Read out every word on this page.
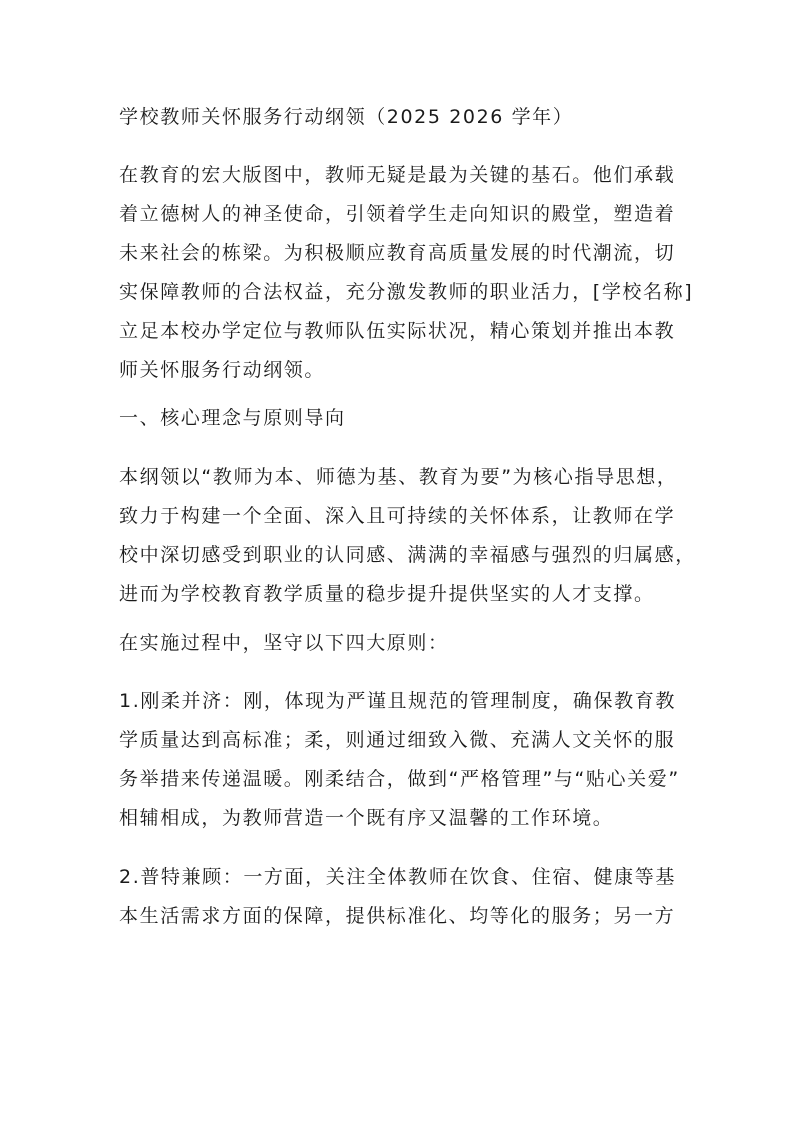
学校教师关怀服务行动纲领（2025 2026 学年）

在教育的宏大版图中，教师无疑是最为关键的基石。他们承载
着立德树人的神圣使命，引领着学生走向知识的殿堂，塑造着
未来社会的栋梁。为积极顺应教育高质量发展的时代潮流，切
实保障教师的合法权益，充分激发教师的职业活力，[学校名称]
立足本校办学定位与教师队伍实际状况，精心策划并推出本教
师关怀服务行动纲领。

一、核心理念与原则导向

本纲领以“教师为本、师德为基、教育为要”为核心指导思想，
致力于构建一个全面、深入且可持续的关怀体系，让教师在学
校中深切感受到职业的认同感、满满的幸福感与强烈的归属感，
进而为学校教育教学质量的稳步提升提供坚实的人才支撑。

在实施过程中，坚守以下四大原则：

1.刚柔并济：刚，体现为严谨且规范的管理制度，确保教育教
学质量达到高标准；柔，则通过细致入微、充满人文关怀的服
务举措来传递温暖。刚柔结合，做到“严格管理”与“贴心关爱”
相辅相成，为教师营造一个既有序又温馨的工作环境。

2.普特兼顾：一方面，关注全体教师在饮食、住宿、健康等基
本生活需求方面的保障，提供标准化、均等化的服务；另一方
